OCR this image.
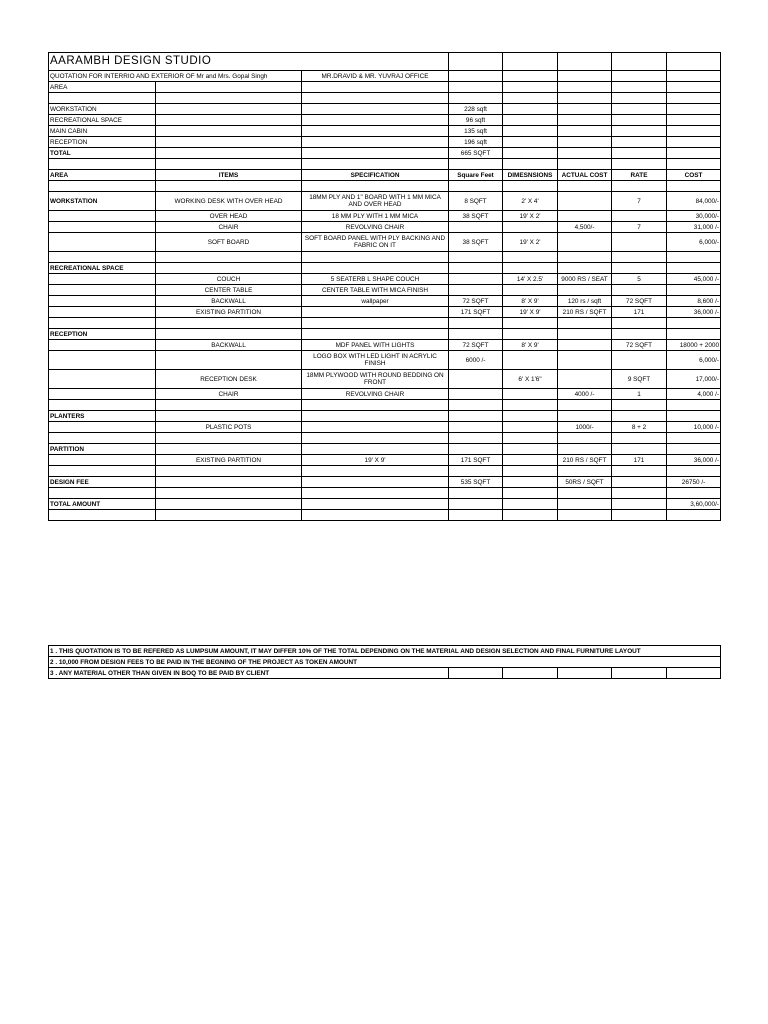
AARAMBH DESIGN STUDIO							
QUOTATION FOR INTERRIO AND EXTERIOR OF Mr and Mrs. Gopal Singh		MR.DRAVID & MR. YUVRAJ OFFICE					
AREA							

WORKSTATION			228 sqft				
RECREATIONAL SPACE			96 sqft				
MAIN CABIN			135 sqft				
RECEPTION			196 sqft				
TOTAL			665 SQFT				

AREA	ITEMS	SPECIFICATION	Square Feet	DIMESNSIONS	ACTUAL COST	RATE	COST

WORKSTATION	WORKING DESK WITH OVER HEAD	18MM PLY AND 1" BOARD WITH 1 MM MICA AND OVER HEAD	8 SQFT	2' X 4'		7	84,000/-
	OVER HEAD	18 MM PLY WITH 1 MM MICA	38 SQFT	19' X 2'			30,000/-
	CHAIR	REVOLVING CHAIR			4,500/-	7	31,000 /-
	SOFT BOARD	SOFT BOARD PANEL WITH PLY BACKING AND FABRIC ON IT	38 SQFT	19' X 2'			6,000/-

RECREATIONAL SPACE							
	COUCH	5 SEATERB L SHAPE COUCH		14' X 2.5'	9000 RS / SEAT	5	45,000 /-
	CENTER TABLE	CENTER TABLE WITH MICA FINISH					
	BACKWALL	wallpaper	72 SQFT	8' X 9'	120 rs / sqft	72 SQFT	8,600 /-
	EXISTING PARTITION		171 SQFT	19' X 9'	210 RS / SQFT	171	36,000 /-

RECEPTION							
	BACKWALL	MDF PANEL WITH LIGHTS	72 SQFT	8' X 9'		72 SQFT	18000 + 2000
		LOGO BOX WITH LED LIGHT IN ACRYLIC FINISH	6000 /-				6,000/-
	RECEPTION DESK	18MM PLYWOOD WITH ROUND BEDDING ON FRONT		6' X 1'6"		9 SQFT	17,000/-
	CHAIR	REVOLVING CHAIR			4000 /-	1	4,000 /-

PLANTERS							
	PLASTIC POTS				1000/-	8 + 2	10,000 /-

PARTITION							
	EXISTING PARTITION	19' X 9'	171 SQFT		210 RS / SQFT	171	36,000 /-

DESIGN FEE			535 SQFT		50RS / SQFT		26750 /-

TOTAL AMOUNT							3,60,000/-

1 . THIS QUOTATION IS TO BE REFERED AS LUMPSUM AMOUNT, IT MAY DIFFER 10% OF THE TOTAL DEPENDING ON THE MATERIAL AND DESIGN SELECTION AND FINAL FURNITURE LAYOUT
2 . 10,000 FROM DESIGN FEES TO BE PAID IN THE BEGNING OF THE PROJECT AS TOKEN AMOUNT
3 . ANY MATERIAL OTHER THAN GIVEN IN BOQ TO BE PAID BY CLIENT					
